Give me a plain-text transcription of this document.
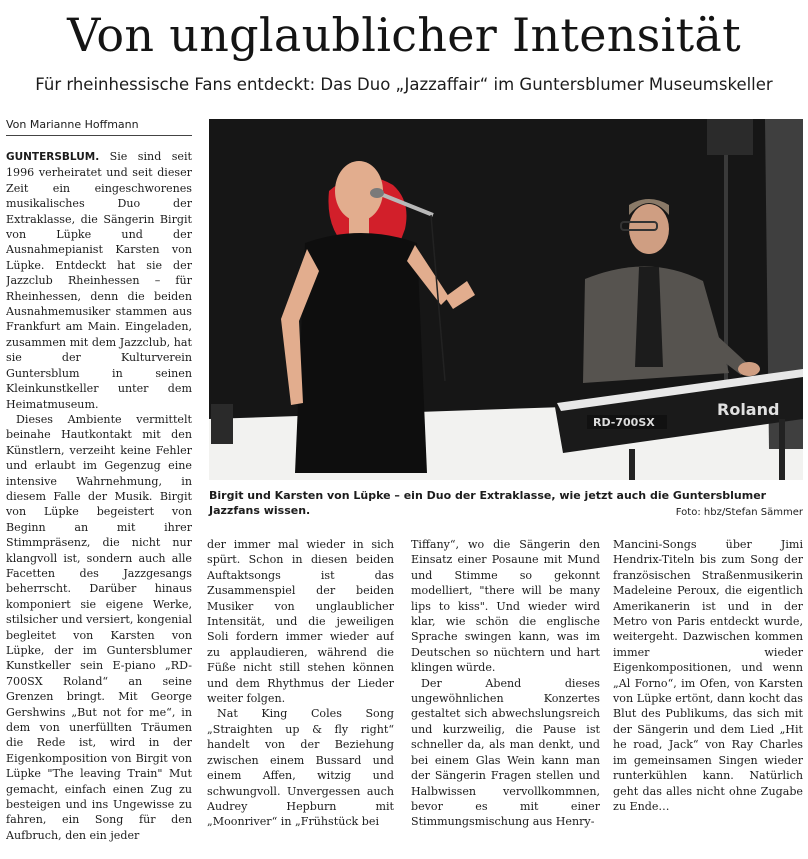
Von unglaublicher Intensität
Für rheinhessische Fans entdeckt: Das Duo „Jazzaffair“ im Guntersblumer Museumskeller
Von Marianne Hoffmann

GUNTERSBLUM. Sie sind seit 1996 verheiratet und seit dieser Zeit ein eingeschworenes musikalisches Duo der Extraklasse, die Sängerin Birgit von Lüpke und der Ausnahmepianist Karsten von Lüpke. Entdeckt hat sie der Jazzclub Rheinhessen – für Rheinhessen, denn die beiden Ausnahmemusiker stammen aus Frankfurt am Main. Eingeladen, zusammen mit dem Jazzclub, hat sie der Kulturverein Guntersblum in seinen Kleinkunstkeller unter dem Heimatmuseum.

Dieses Ambiente vermittelt beinahe Hautkontakt mit den Künstlern, verzeiht keine Fehler und erlaubt im Gegenzug eine intensive Wahrnehmung, in diesem Falle der Musik. Birgit von Lüpke begeistert von Beginn an mit ihrer Stimmpräsenz, die nicht nur klangvoll ist, sondern auch alle Facetten des Jazzgesangs beherrscht. Darüber hinaus komponiert sie eigene Werke, stilsicher und versiert, kongenial begleitet von Karsten von Lüpke, der im Guntersblumer Kunstkeller sein E-piano „RD-700SX Roland“ an seine Grenzen bringt. Mit George Gershwins „But not for me“, in dem von unerfüllten Träumen die Rede ist, wird in der Eigenkomposition von Birgit von Lüpke "The leaving Train" Mut gemacht, einfach einen Zug zu besteigen und ins Ungewisse zu fahren, ein Song für den Aufbruch, den ein jeder

RD-700SX
Roland

Birgit und Karsten von Lüpke – ein Duo der Extraklasse, wie jetzt auch die Guntersblumer Jazzfans wissen.	Foto: hbz/Stefan Sämmer

der immer mal wieder in sich spürt. Schon in diesen beiden Auftaktsongs ist das Zusammenspiel der beiden Musiker von unglaublicher Intensität, und die jeweiligen Soli fordern immer wieder auf zu applaudieren, während die Füße nicht still stehen können und dem Rhythmus der Lieder weiter folgen.

Nat King Coles Song „Straighten up & fly right“ handelt von der Beziehung zwischen einem Bussard und einem Affen, witzig und schwungvoll. Unvergessen auch Audrey Hepburn mit „Moonriver“ in „Frühstück bei

Tiffany“, wo die Sängerin den Einsatz einer Posaune mit Mund und Stimme so gekonnt modelliert, "there will be many lips to kiss". Und wieder wird klar, wie schön die englische Sprache swingen kann, was im Deutschen so nüchtern und hart klingen würde.

Der Abend dieses ungewöhnlichen Konzertes gestaltet sich abwechslungsreich und kurzweilig, die Pause ist schneller da, als man denkt, und bei einem Glas Wein kann man der Sängerin Fragen stellen und Halbwissen vervollkommnen, bevor es mit einer Stimmungsmischung aus Henry-

Mancini-Songs über Jimi Hendrix-Titeln bis zum Song der französischen Straßenmusikerin Madeleine Peroux, die eigentlich Amerikanerin ist und in der Metro von Paris entdeckt wurde, weitergeht. Dazwischen kommen immer wieder Eigenkompositionen, und wenn „Al Forno“, im Ofen, von Karsten von Lüpke ertönt, dann kocht das Blut des Publikums, das sich mit der Sängerin und dem Lied „Hit he road, Jack“ von Ray Charles im gemeinsamen Singen wieder runterkühlen kann. Natürlich geht das alles nicht ohne Zugabe zu Ende…
